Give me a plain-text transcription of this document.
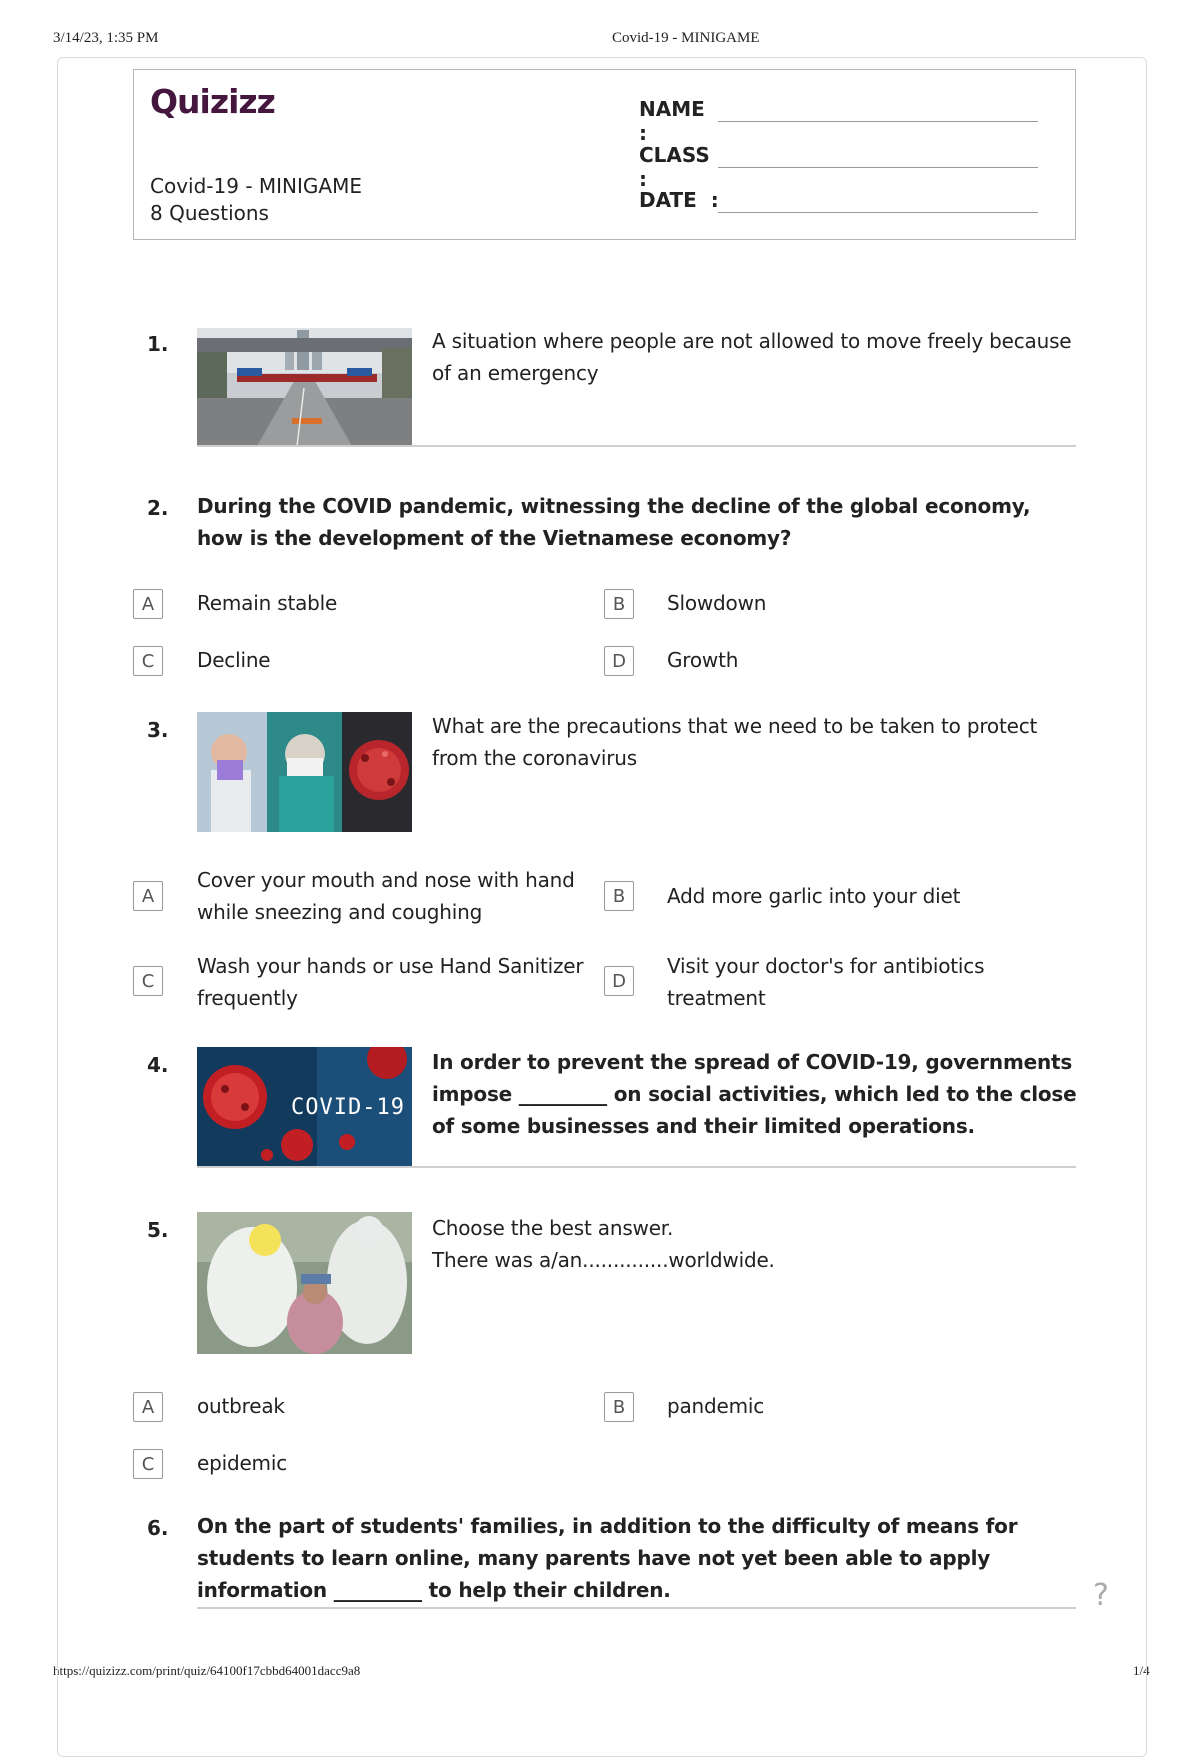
3/14/23, 1:35 PM	Covid-19 - MINIGAME
https://quizizz.com/print/quiz/64100f17cbbd64001dacc9a8	1/4
Quizizz
Covid-19 - MINIGAME
8 Questions
NAME :
CLASS :
DATE  :
1.	A situation where people are not allowed to move freely because of an emergency
2. During the COVID pandemic, witnessing the decline of the global economy, how is the development of the Vietnamese economy?
A	Remain stable	B	Slowdown
C	Decline	D	Growth
3.	What are the precautions that we need to be taken to protect from the coronavirus
A
Cover your mouth and nose with hand while sneezing and coughing
B	Add more garlic into your diet
C
Wash your hands or use Hand Sanitizer frequently
D
Visit your doctor's for antibiotics treatment
4.
COVID-19
In order to prevent the spread of COVID-19, governments impose _________ on social activities, which led to the close of some businesses and their limited operations.
5.	Choose the best answer.
There was a/an..............worldwide.
A	outbreak	B	pandemic
C	epidemic
6. On the part of students' families, in addition to the difficulty of means for students to learn online, many parents have not yet been able to apply information _________ to help their children.	?
